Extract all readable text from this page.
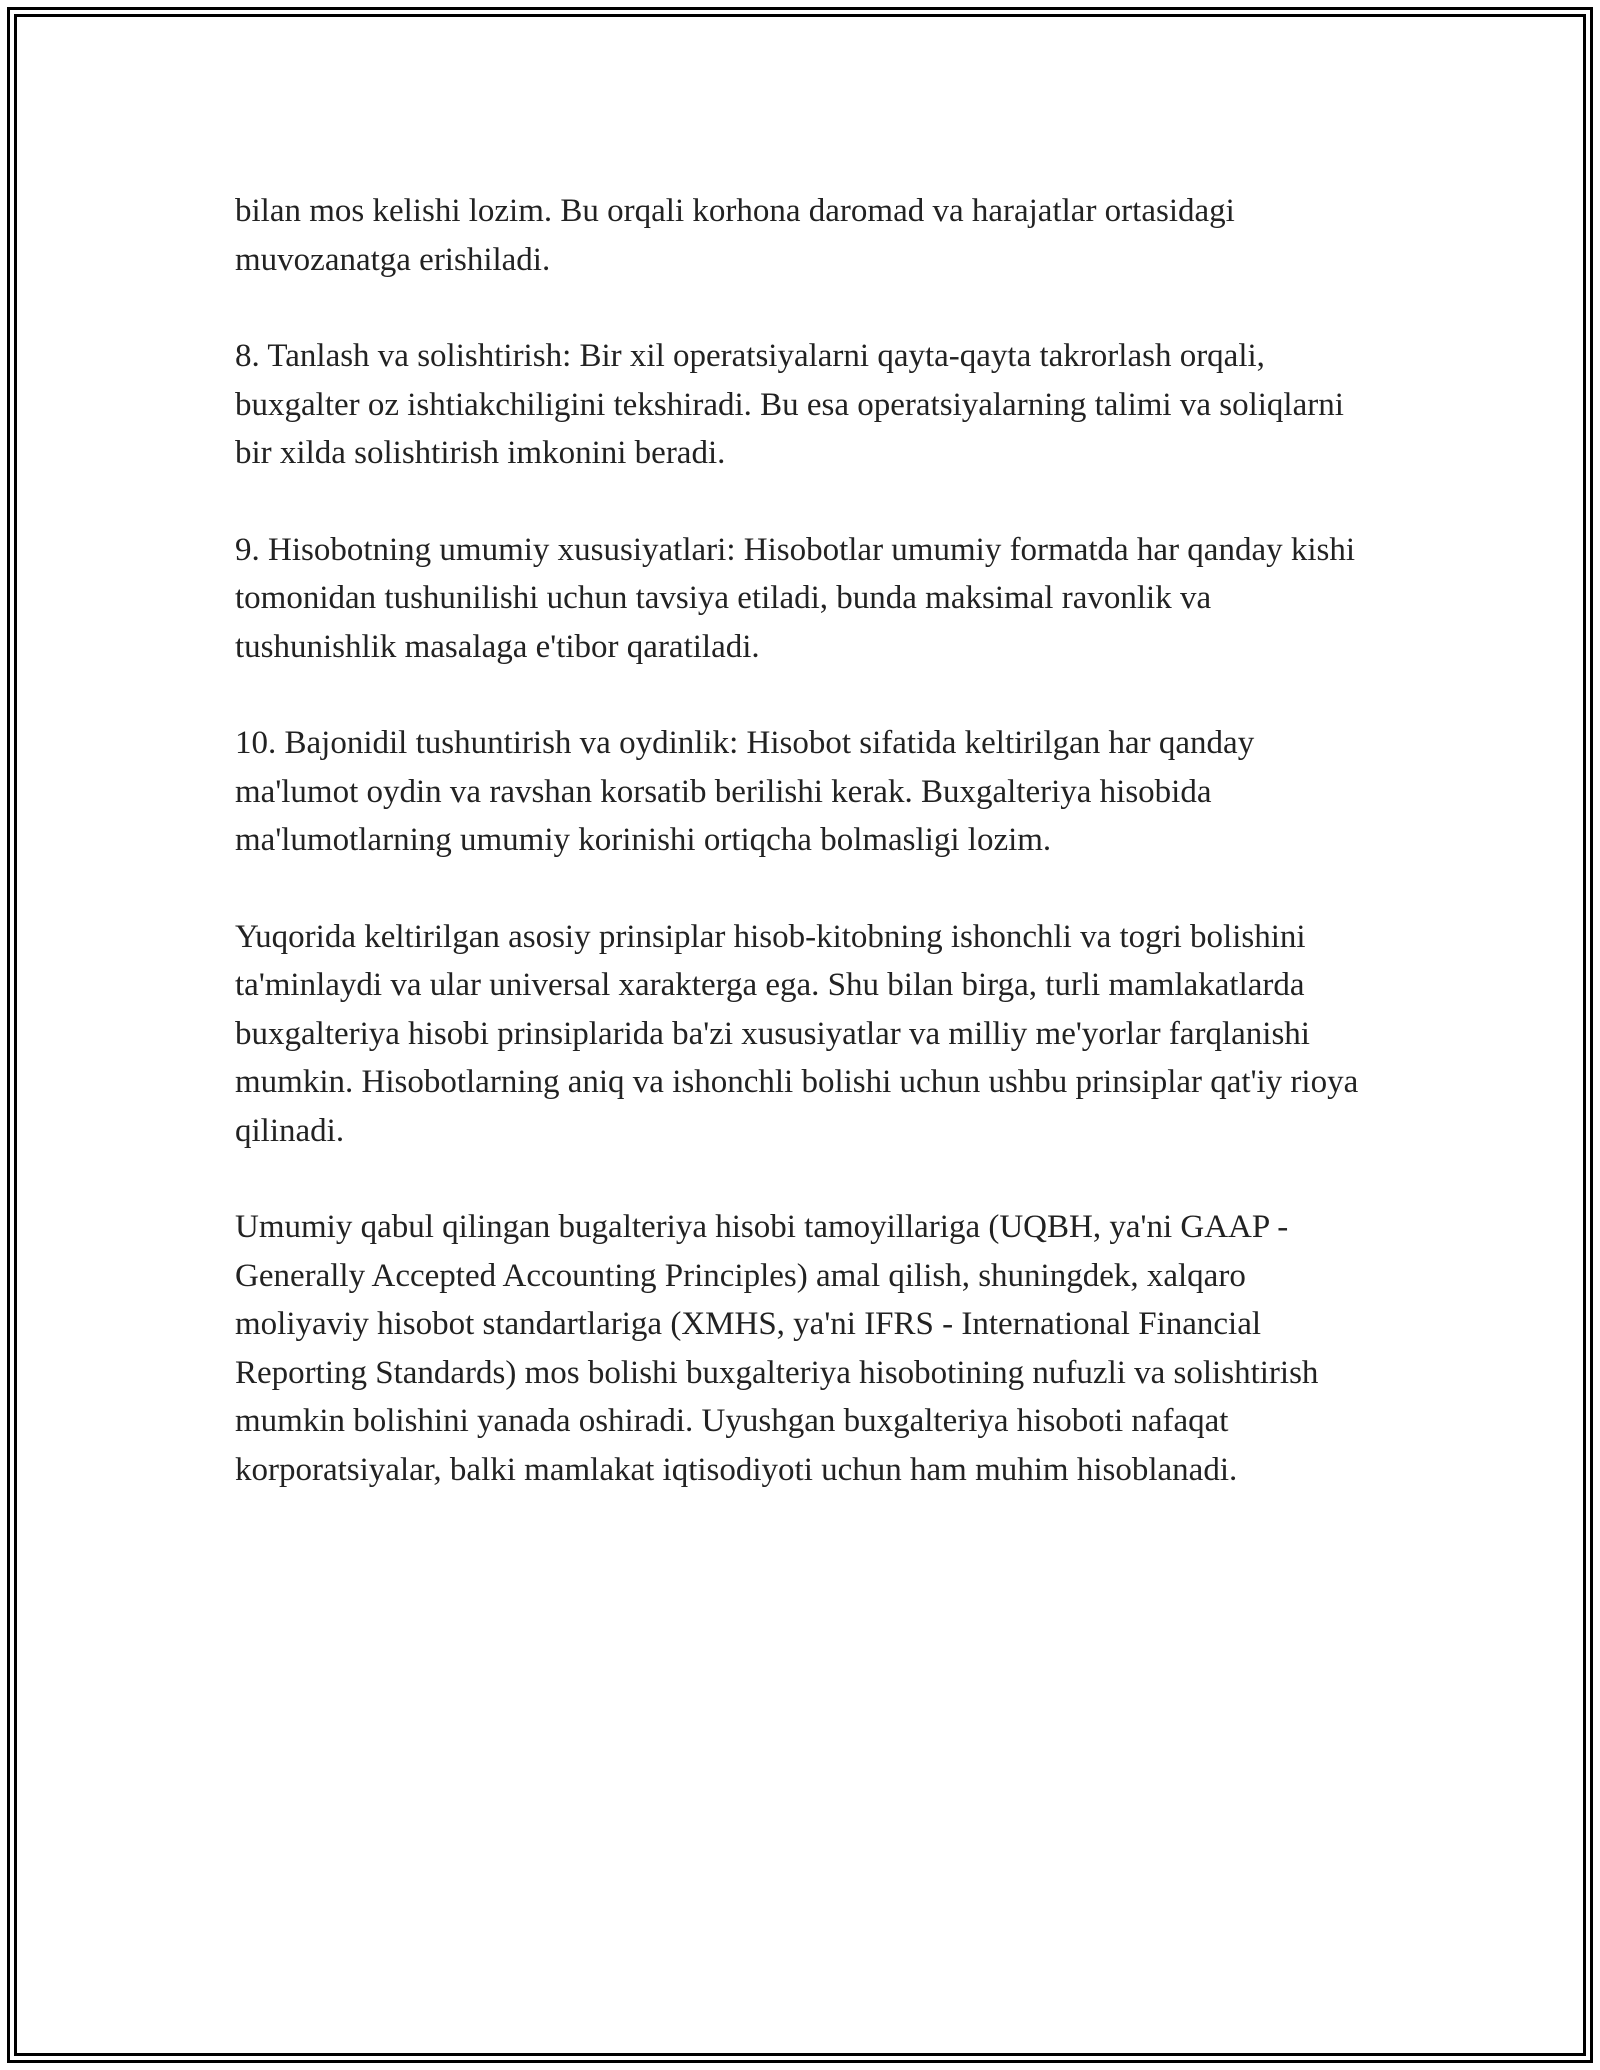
bilan mos kelishi lozim. Bu orqali korhona daromad va harajatlar ortasidagi muvozanatga erishiladi.

8. Tanlash va solishtirish: Bir xil operatsiyalarni qayta-qayta takrorlash orqali, buxgalter oz ishtiakchiligini tekshiradi. Bu esa operatsiyalarning talimi va soliqlarni bir xilda solishtirish imkonini beradi.

9. Hisobotning umumiy xususiyatlari: Hisobotlar umumiy formatda har qanday kishi tomonidan tushunilishi uchun tavsiya etiladi, bunda maksimal ravonlik va tushunishlik masalaga e'tibor qaratiladi.

10. Bajonidil tushuntirish va oydinlik: Hisobot sifatida keltirilgan har qanday ma'lumot oydin va ravshan korsatib berilishi kerak. Buxgalteriya hisobida ma'lumotlarning umumiy korinishi ortiqcha bolmasligi lozim.

Yuqorida keltirilgan asosiy prinsiplar hisob-kitobning ishonchli va togri bolishini ta'minlaydi va ular universal xarakterga ega. Shu bilan birga, turli mamlakatlarda buxgalteriya hisobi prinsiplarida ba'zi xususiyatlar va milliy me'yorlar farqlanishi mumkin. Hisobotlarning aniq va ishonchli bolishi uchun ushbu prinsiplar qat'iy rioya qilinadi.

Umumiy qabul qilingan bugalteriya hisobi tamoyillariga (UQBH, ya'ni GAAP - Generally Accepted Accounting Principles) amal qilish, shuningdek, xalqaro moliyaviy hisobot standartlariga (XMHS, ya'ni IFRS - International Financial Reporting Standards) mos bolishi buxgalteriya hisobotining nufuzli va solishtirish mumkin bolishini yanada oshiradi. Uyushgan buxgalteriya hisoboti nafaqat korporatsiyalar, balki mamlakat iqtisodiyoti uchun ham muhim hisoblanadi.
